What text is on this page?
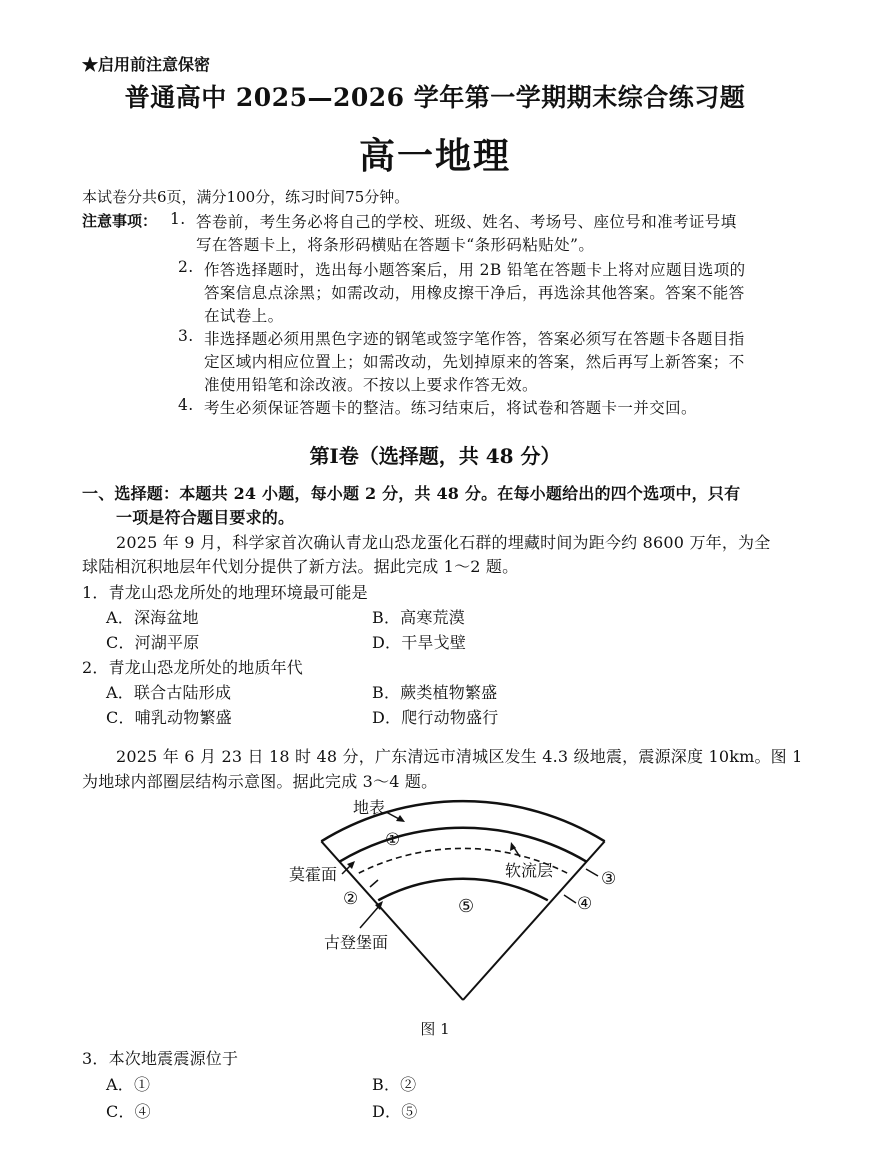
★启用前注意保密
普通高中 2025—2026 学年第一学期期末综合练习题
高一地理
本试卷分共6页，满分100分，练习时间75分钟。
注意事项： 1. 答卷前，考生务必将自己的学校、班级、姓名、考场号、座位号和准考证号填
写在答题卡上，将条形码横贴在答题卡“条形码粘贴处”。
2. 作答选择题时，选出每小题答案后，用 2B 铅笔在答题卡上将对应题目选项的
答案信息点涂黑；如需改动，用橡皮擦干净后，再选涂其他答案。答案不能答
在试卷上。
3. 非选择题必须用黑色字迹的钢笔或签字笔作答，答案必须写在答题卡各题目指
定区域内相应位置上；如需改动，先划掉原来的答案，然后再写上新答案；不
准使用铅笔和涂改液。不按以上要求作答无效。
4. 考生必须保证答题卡的整洁。练习结束后，将试卷和答题卡一并交回。
第Ⅰ卷（选择题，共 48 分）
一、选择题：本题共 24 小题，每小题 2 分，共 48 分。在每小题给出的四个选项中，只有
一项是符合题目要求的。
2025 年 9 月，科学家首次确认青龙山恐龙蛋化石群的埋藏时间为距今约 8600 万年，为全
球陆相沉积地层年代划分提供了新方法。据此完成 1～2 题。
1．青龙山恐龙所处的地理环境最可能是
A．深海盆地	B．高寒荒漠
C．河湖平原	D．干旱戈壁
2．青龙山恐龙所处的地质年代
A．联合古陆形成	B．蕨类植物繁盛
C．哺乳动物繁盛	D．爬行动物盛行
2025 年 6 月 23 日 18 时 48 分，广东清远市清城区发生 4.3 级地震，震源深度 10km。图 1
为地球内部圈层结构示意图。据此完成 3～4 题。
地表
①
莫霍面
②
软流层	③
④
⑤
古登堡面
图 1
3．本次地震震源位于
A．①	B．②
C．④	D．⑤
